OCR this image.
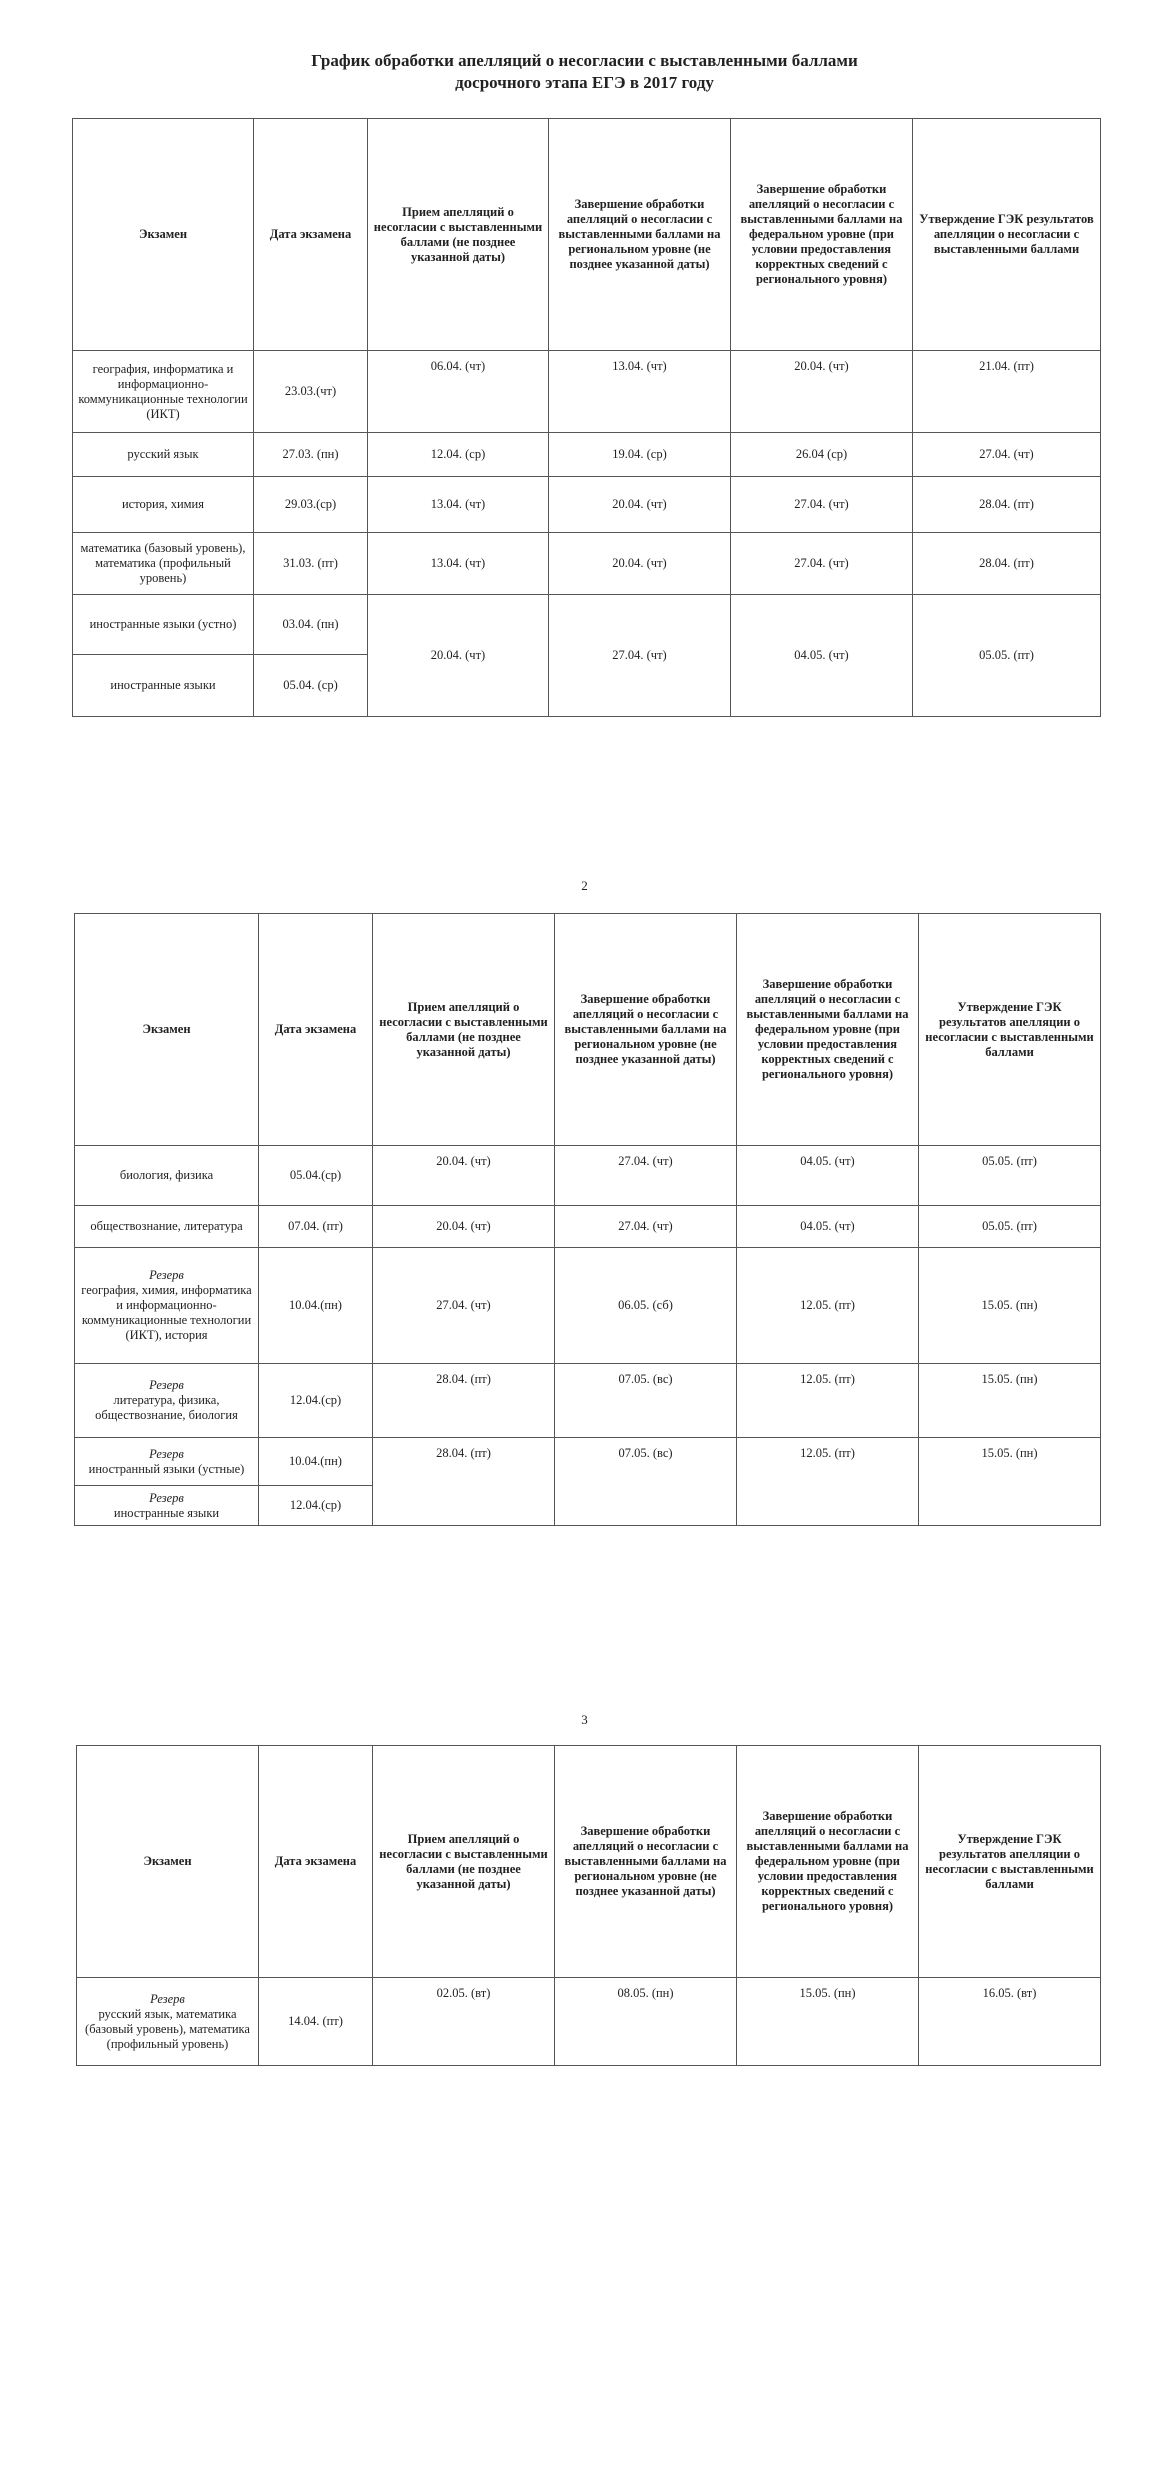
График обработки апелляций о несогласии с выставленными баллами
досрочного этапа ЕГЭ в 2017 году
Экзамен	Дата экзамена	Прием апелляций о несогласии с выставленными баллами (не позднее указанной даты)	Завершение обработки апелляций о несогласии с выставленными баллами на региональном уровне (не позднее указанной даты)	Завершение обработки апелляций о несогласии с выставленными баллами на федеральном уровне (при условии предоставления корректных сведений с регионального уровня)	Утверждение ГЭК результатов апелляции о несогласии с выставленными баллами
география, информатика и информационно-коммуникационные технологии (ИКТ)	23.03.(чт)	06.04. (чт)	13.04. (чт)	20.04. (чт)	21.04. (пт)
русский язык	27.03. (пн)	12.04. (ср)	19.04. (ср)	26.04 (ср)	27.04. (чт)
история, химия	29.03.(ср)	13.04. (чт)	20.04. (чт)	27.04. (чт)	28.04. (пт)
математика (базовый уровень), математика (профильный уровень)	31.03. (пт)	13.04. (чт)	20.04. (чт)	27.04. (чт)	28.04. (пт)
иностранные языки (устно)	03.04. (пн)	20.04. (чт)	27.04. (чт)	04.05. (чт)	05.05. (пт)
иностранные языки	05.04. (ср)				
2
Экзамен	Дата экзамена	Прием апелляций о несогласии с выставленными баллами (не позднее указанной даты)	Завершение обработки апелляций о несогласии с выставленными баллами на региональном уровне (не позднее указанной даты)	Завершение обработки апелляций о несогласии с выставленными баллами на федеральном уровне (при условии предоставления корректных сведений с регионального уровня)	Утверждение ГЭК результатов апелляции о несогласии с выставленными баллами
биология, физика	05.04.(ср)	20.04. (чт)	27.04. (чт)	04.05. (чт)	05.05. (пт)
обществознание, литература	07.04. (пт)	20.04. (чт)	27.04. (чт)	04.05. (чт)	05.05. (пт)

Резерв
география, химия, информатика и информационно-коммуникационные технологии (ИКТ), история	10.04.(пн)	27.04. (чт)	06.05. (сб)	12.05. (пт)	15.05. (пн)

Резерв
литература, физика, обществознание, биология	12.04.(ср)	28.04. (пт)	07.05. (вс)	12.05. (пт)	15.05. (пн)

Резерв
иностранный языки (устные)	10.04.(пн)	28.04. (пт)	07.05. (вс)	12.05. (пт)	15.05. (пн)

Резерв
иностранные языки	12.04.(ср)				
3
Экзамен	Дата экзамена	Прием апелляций о несогласии с выставленными баллами (не позднее указанной даты)	Завершение обработки апелляций о несогласии с выставленными баллами на региональном уровне (не позднее указанной даты)	Завершение обработки апелляций о несогласии с выставленными баллами на федеральном уровне (при условии предоставления корректных сведений с регионального уровня)	Утверждение ГЭК результатов апелляции о несогласии с выставленными баллами

Резерв
русский язык, математика (базовый уровень), математика (профильный уровень)	14.04. (пт)	02.05. (вт)	08.05. (пн)	15.05. (пн)	16.05. (вт)
